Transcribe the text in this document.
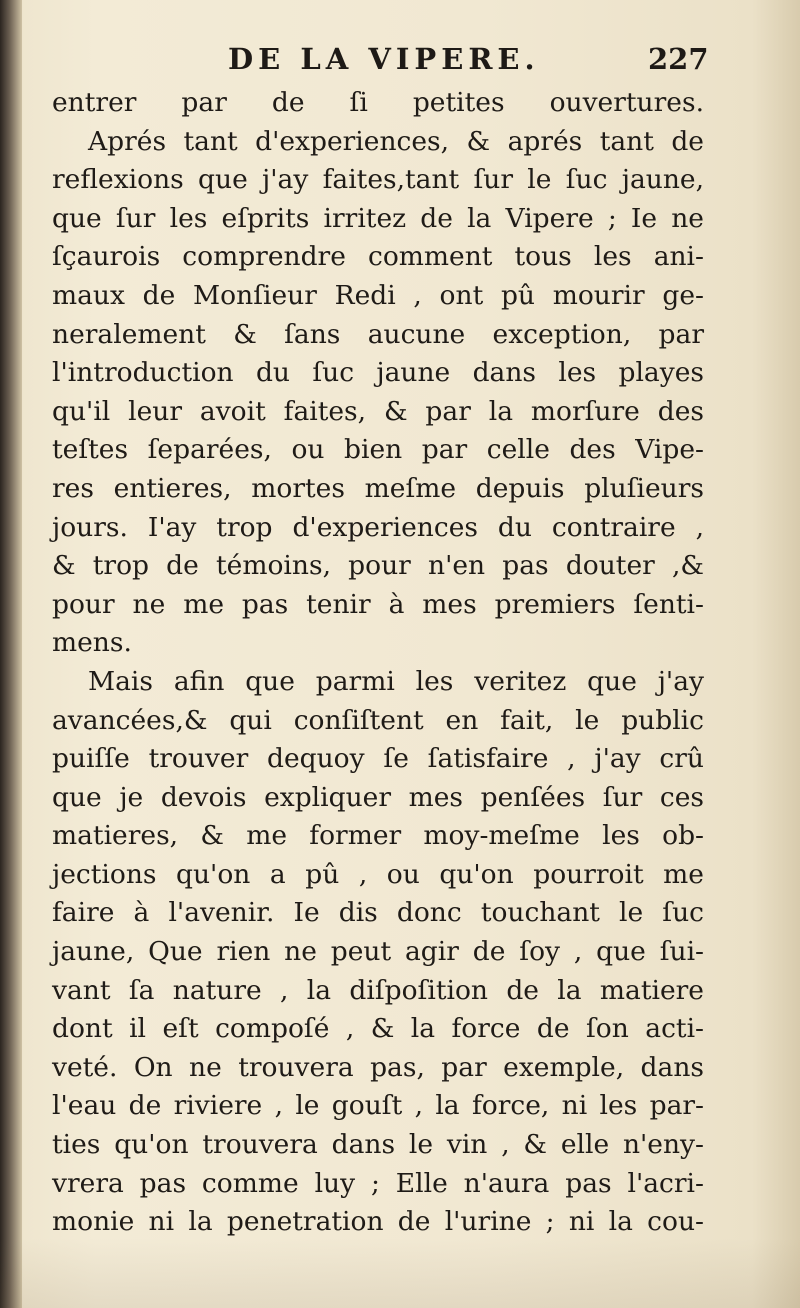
DE LA VIPERE.	227
entrer par de ſi petites ouvertures.
Aprés tant d'experiences, & aprés tant de
reflexions que j'ay faites,tant ſur le ſuc jaune,
que ſur les eſprits irritez de la Vipere ; Ie ne
ſçaurois comprendre comment tous les ani-
maux de Monſieur Redi , ont pû mourir ge-
neralement & ſans aucune exception, par
l'introduction du ſuc jaune dans les playes
qu'il leur avoit faites, & par la morſure des
teſtes ſeparées, ou bien par celle des Vipe-
res entieres, mortes meſme depuis pluſieurs
jours. I'ay trop d'experiences du contraire ,
& trop de témoins, pour n'en pas douter ,&
pour ne me pas tenir à mes premiers ſenti-
mens.
Mais afin que parmi les veritez que j'ay
avancées,& qui conſiſtent en fait, le public
puiſſe trouver dequoy ſe ſatisfaire , j'ay crû
que je devois expliquer mes penſées ſur ces
matieres, & me former moy-meſme les ob-
jections qu'on a pû , ou qu'on pourroit me
faire à l'avenir. Ie dis donc touchant le ſuc
jaune, Que rien ne peut agir de ſoy , que ſui-
vant ſa nature , la diſpoſition de la matiere
dont il eſt compoſé , & la force de ſon acti-
veté. On ne trouvera pas, par exemple, dans
l'eau de riviere , le gouſt , la force, ni les par-
ties qu'on trouvera dans le vin , & elle n'eny-
vrera pas comme luy ; Elle n'aura pas l'acri-
monie ni la penetration de l'urine ; ni la cou-
